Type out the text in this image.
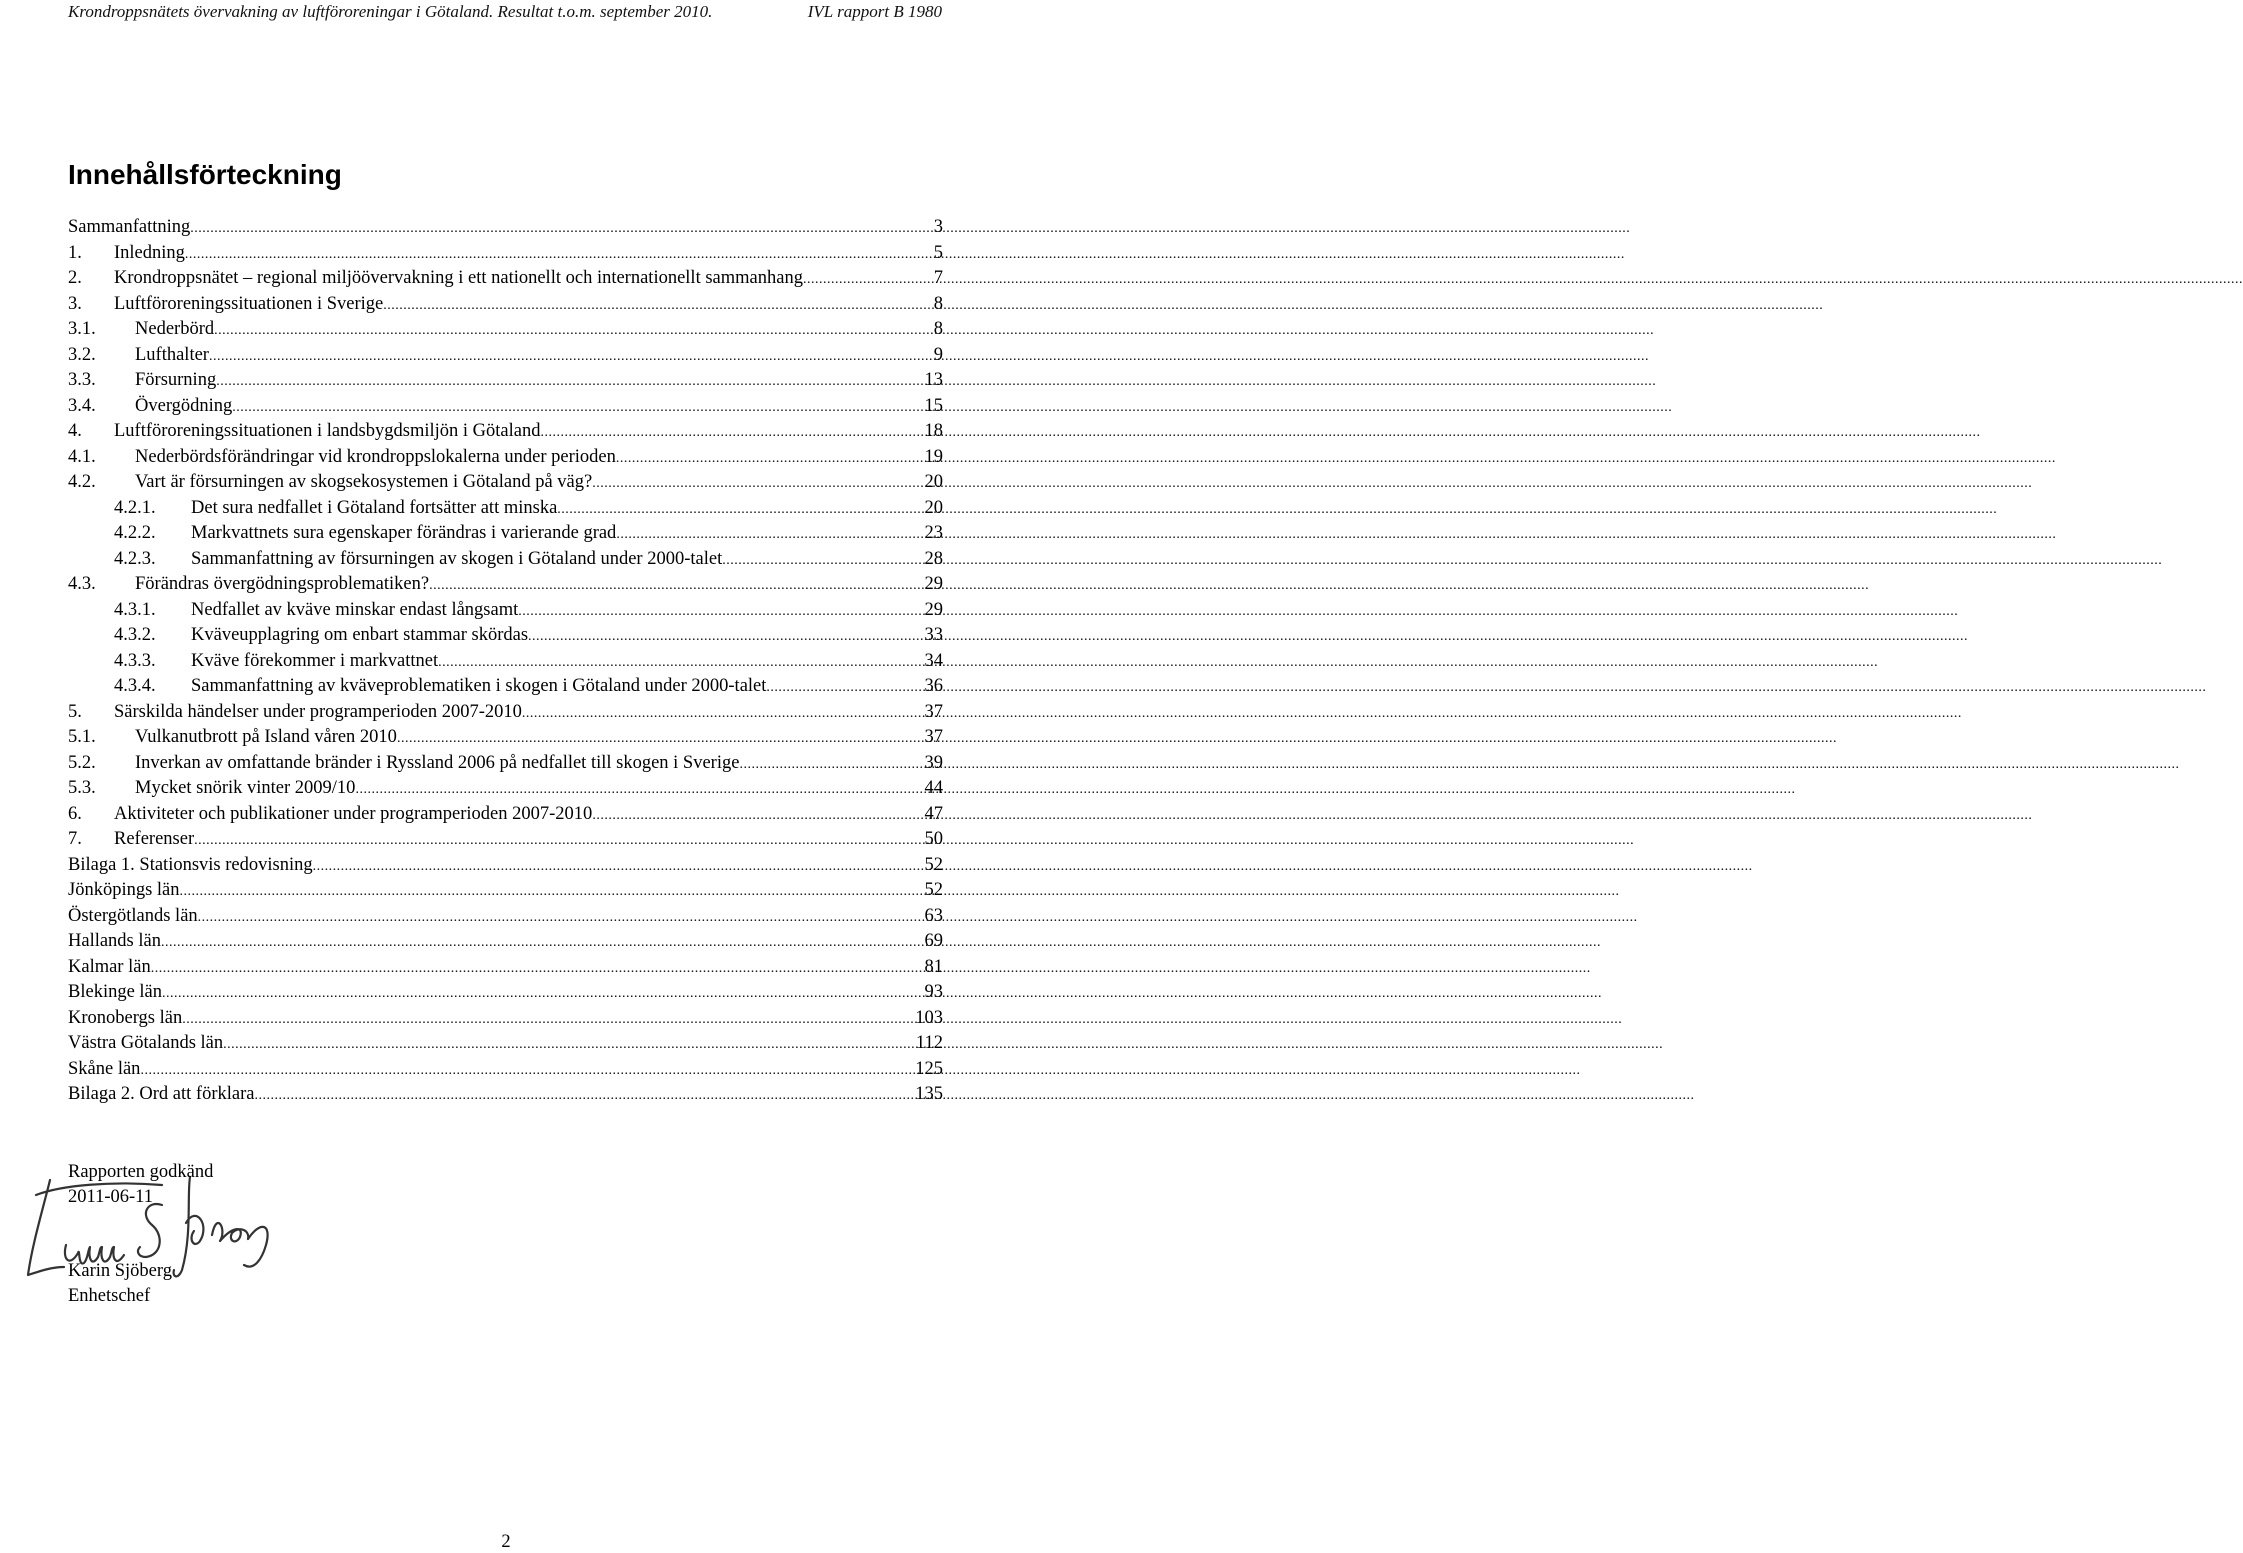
Krondroppsnätets övervakning av luftföroreningar i Götaland. Resultat t.o.m. september 2010.	IVL rapport B 1980
Innehållsförteckning
Sammanfattning .....	3
1.	Inledning .....	5
2.	Krondroppsnätet – regional miljöövervakning i ett nationellt och internationellt sammanhang .....	7
3.	Luftföroreningssituationen i Sverige .....	8
3.1.	Nederbörd .....	8
3.2.	Lufthalter .....	9
3.3.	Försurning .....	13
3.4.	Övergödning .....	15
4.	Luftföroreningssituationen i landsbygdsmiljön i Götaland .....	18
4.1.	Nederbördsförändringar vid krondroppslokalerna under perioden .....	19
4.2.	Vart är försurningen av skogsekosystemen i Götaland på väg? .....	20
4.2.1.	Det sura nedfallet i Götaland fortsätter att minska .....	20
4.2.2.	Markvattnets sura egenskaper förändras i varierande grad .....	23
4.2.3.	Sammanfattning av försurningen av skogen i Götaland under 2000-talet .....	28
4.3.	Förändras övergödningsproblematiken? .....	29
4.3.1.	Nedfallet av kväve minskar endast långsamt .....	29
4.3.2.	Kväveupplagring om enbart stammar skördas .....	33
4.3.3.	Kväve förekommer i markvattnet .....	34
4.3.4.	Sammanfattning av kväveproblematiken i skogen i Götaland under 2000-talet .....	36
5.	Särskilda händelser under programperioden 2007-2010 .....	37
5.1.	Vulkanutbrott på Island våren 2010 .....	37
5.2.	Inverkan av omfattande bränder i Ryssland 2006 på nedfallet till skogen i Sverige .....	39
5.3.	Mycket snörik vinter 2009/10 .....	44
6.	Aktiviteter och publikationer under programperioden 2007-2010 .....	47
7.	Referenser .....	50
Bilaga 1. Stationsvis redovisning .....	52
Jönköpings län .....	52
Östergötlands län .....	63
Hallands län .....	69
Kalmar län .....	81
Blekinge län .....	93
Kronobergs län .....	103
Västra Götalands län .....	112
Skåne län .....	125
Bilaga 2. Ord att förklara .....	135
Rapporten godkänd
2011-06-11
Karin Sjöberg
Enhetschef
2
